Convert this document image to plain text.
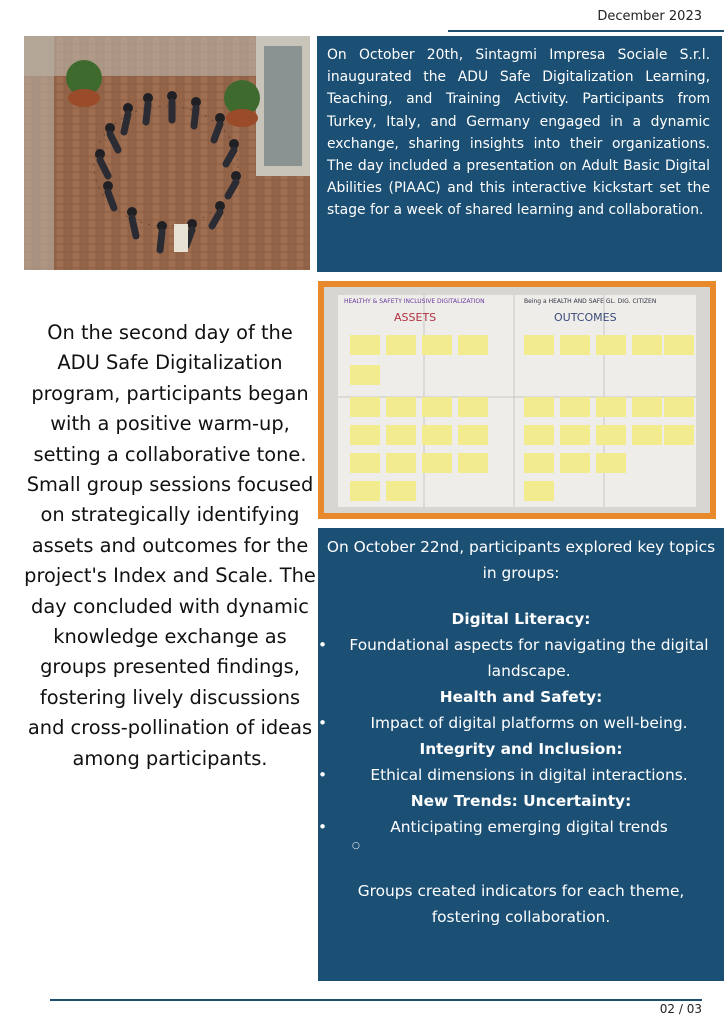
December 2023
On October 20th, Sintagmi Impresa Sociale S.r.l. inaugurated the ADU Safe Digitalization Learning, Teaching, and Training Activity. Participants from Turkey, Italy, and Germany engaged in a dynamic exchange, sharing insights into their organizations. The day included a presentation on Adult Basic Digital Abilities (PIAAC) and this interactive kickstart set the stage for a week of shared learning and collaboration.
On the second day of the ADU Safe Digitalization program, participants began with a positive warm-up, setting a collaborative tone. Small group sessions focused on strategically identifying assets and outcomes for the project's Index and Scale. The day concluded with dynamic knowledge exchange as groups presented findings, fostering lively discussions and cross-pollination of ideas among participants.
HEALTHY & SAFETY INCLUSIVE DIGITALIZATION	Being a HEALTH AND SAFE GL. DIG. CITIZEN
ASSETS	OUTCOMES
On October 22nd, participants explored key topics in groups:
Digital Literacy:
• Foundational aspects for navigating the digital landscape.
Health and Safety:
•	Impact of digital platforms on well-being.
Integrity and Inclusion:
•	Ethical dimensions in digital interactions.
New Trends: Uncertainty:
•	Anticipating emerging digital trends
○
Groups created indicators for each theme, fostering collaboration.
02 / 03
